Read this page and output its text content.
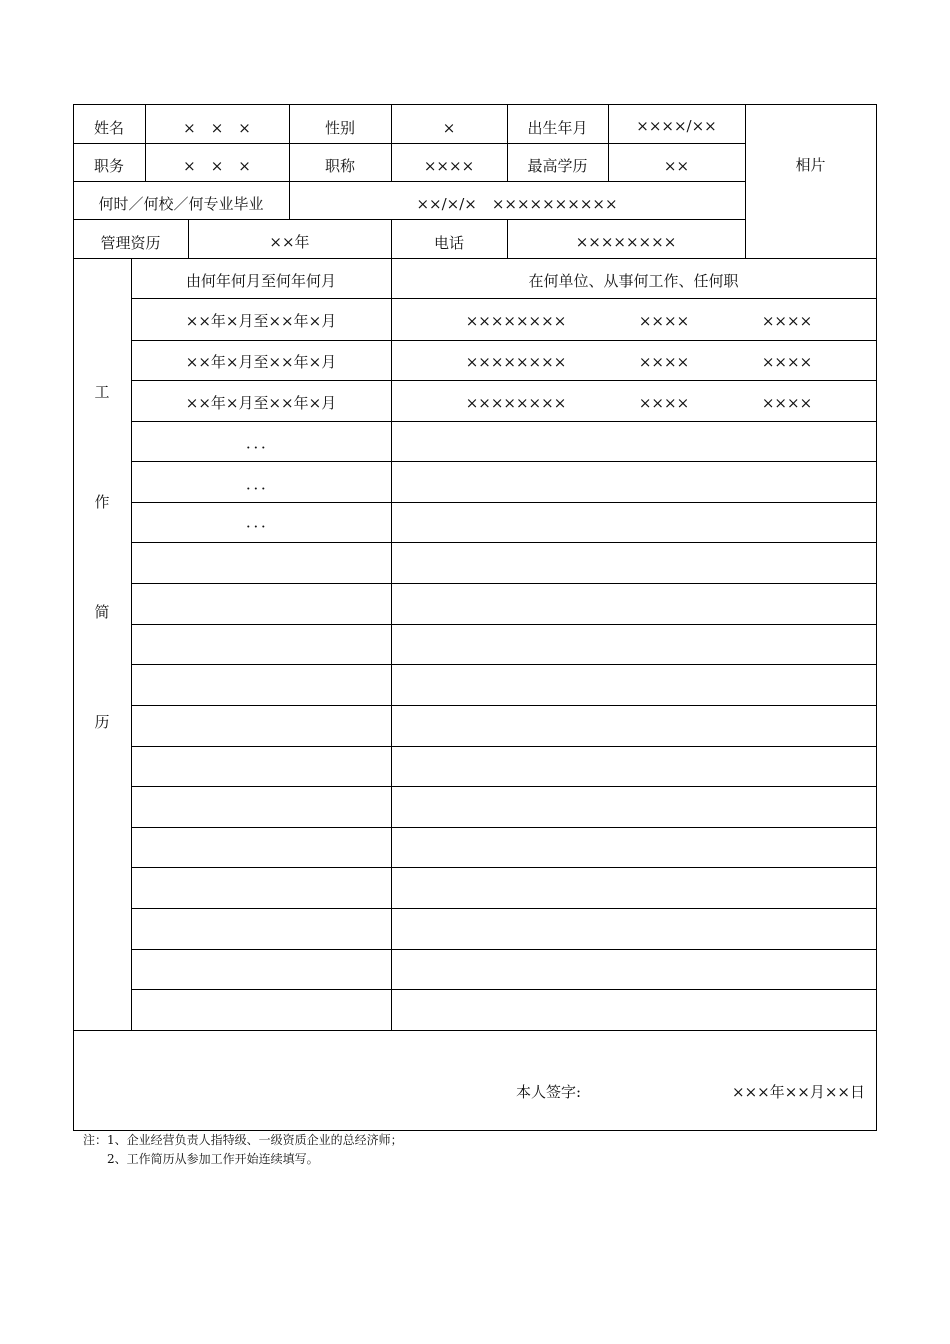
姓名	×　×　×	性别	×	出生年月	××××/××
职务	×　×　×	职称	××××	最高学历	××	相片
何时／何校／何专业毕业	××/×/×　××××××××××
管理资历	××年	电话	××××××××
工
作
简
历
由何年何月至何年何月	在何单位、从事何工作、任何职
××年×月至××年×月	××××××××	××××	××××
××年×月至××年×月	××××××××	××××	××××
××年×月至××年×月	××××××××	××××	××××
．．．
．．．
．．．
本人签字:	×××年××月××日
注：1、企业经营负责人指特级、一级资质企业的总经济师；
　　2、工作简历从参加工作开始连续填写。
